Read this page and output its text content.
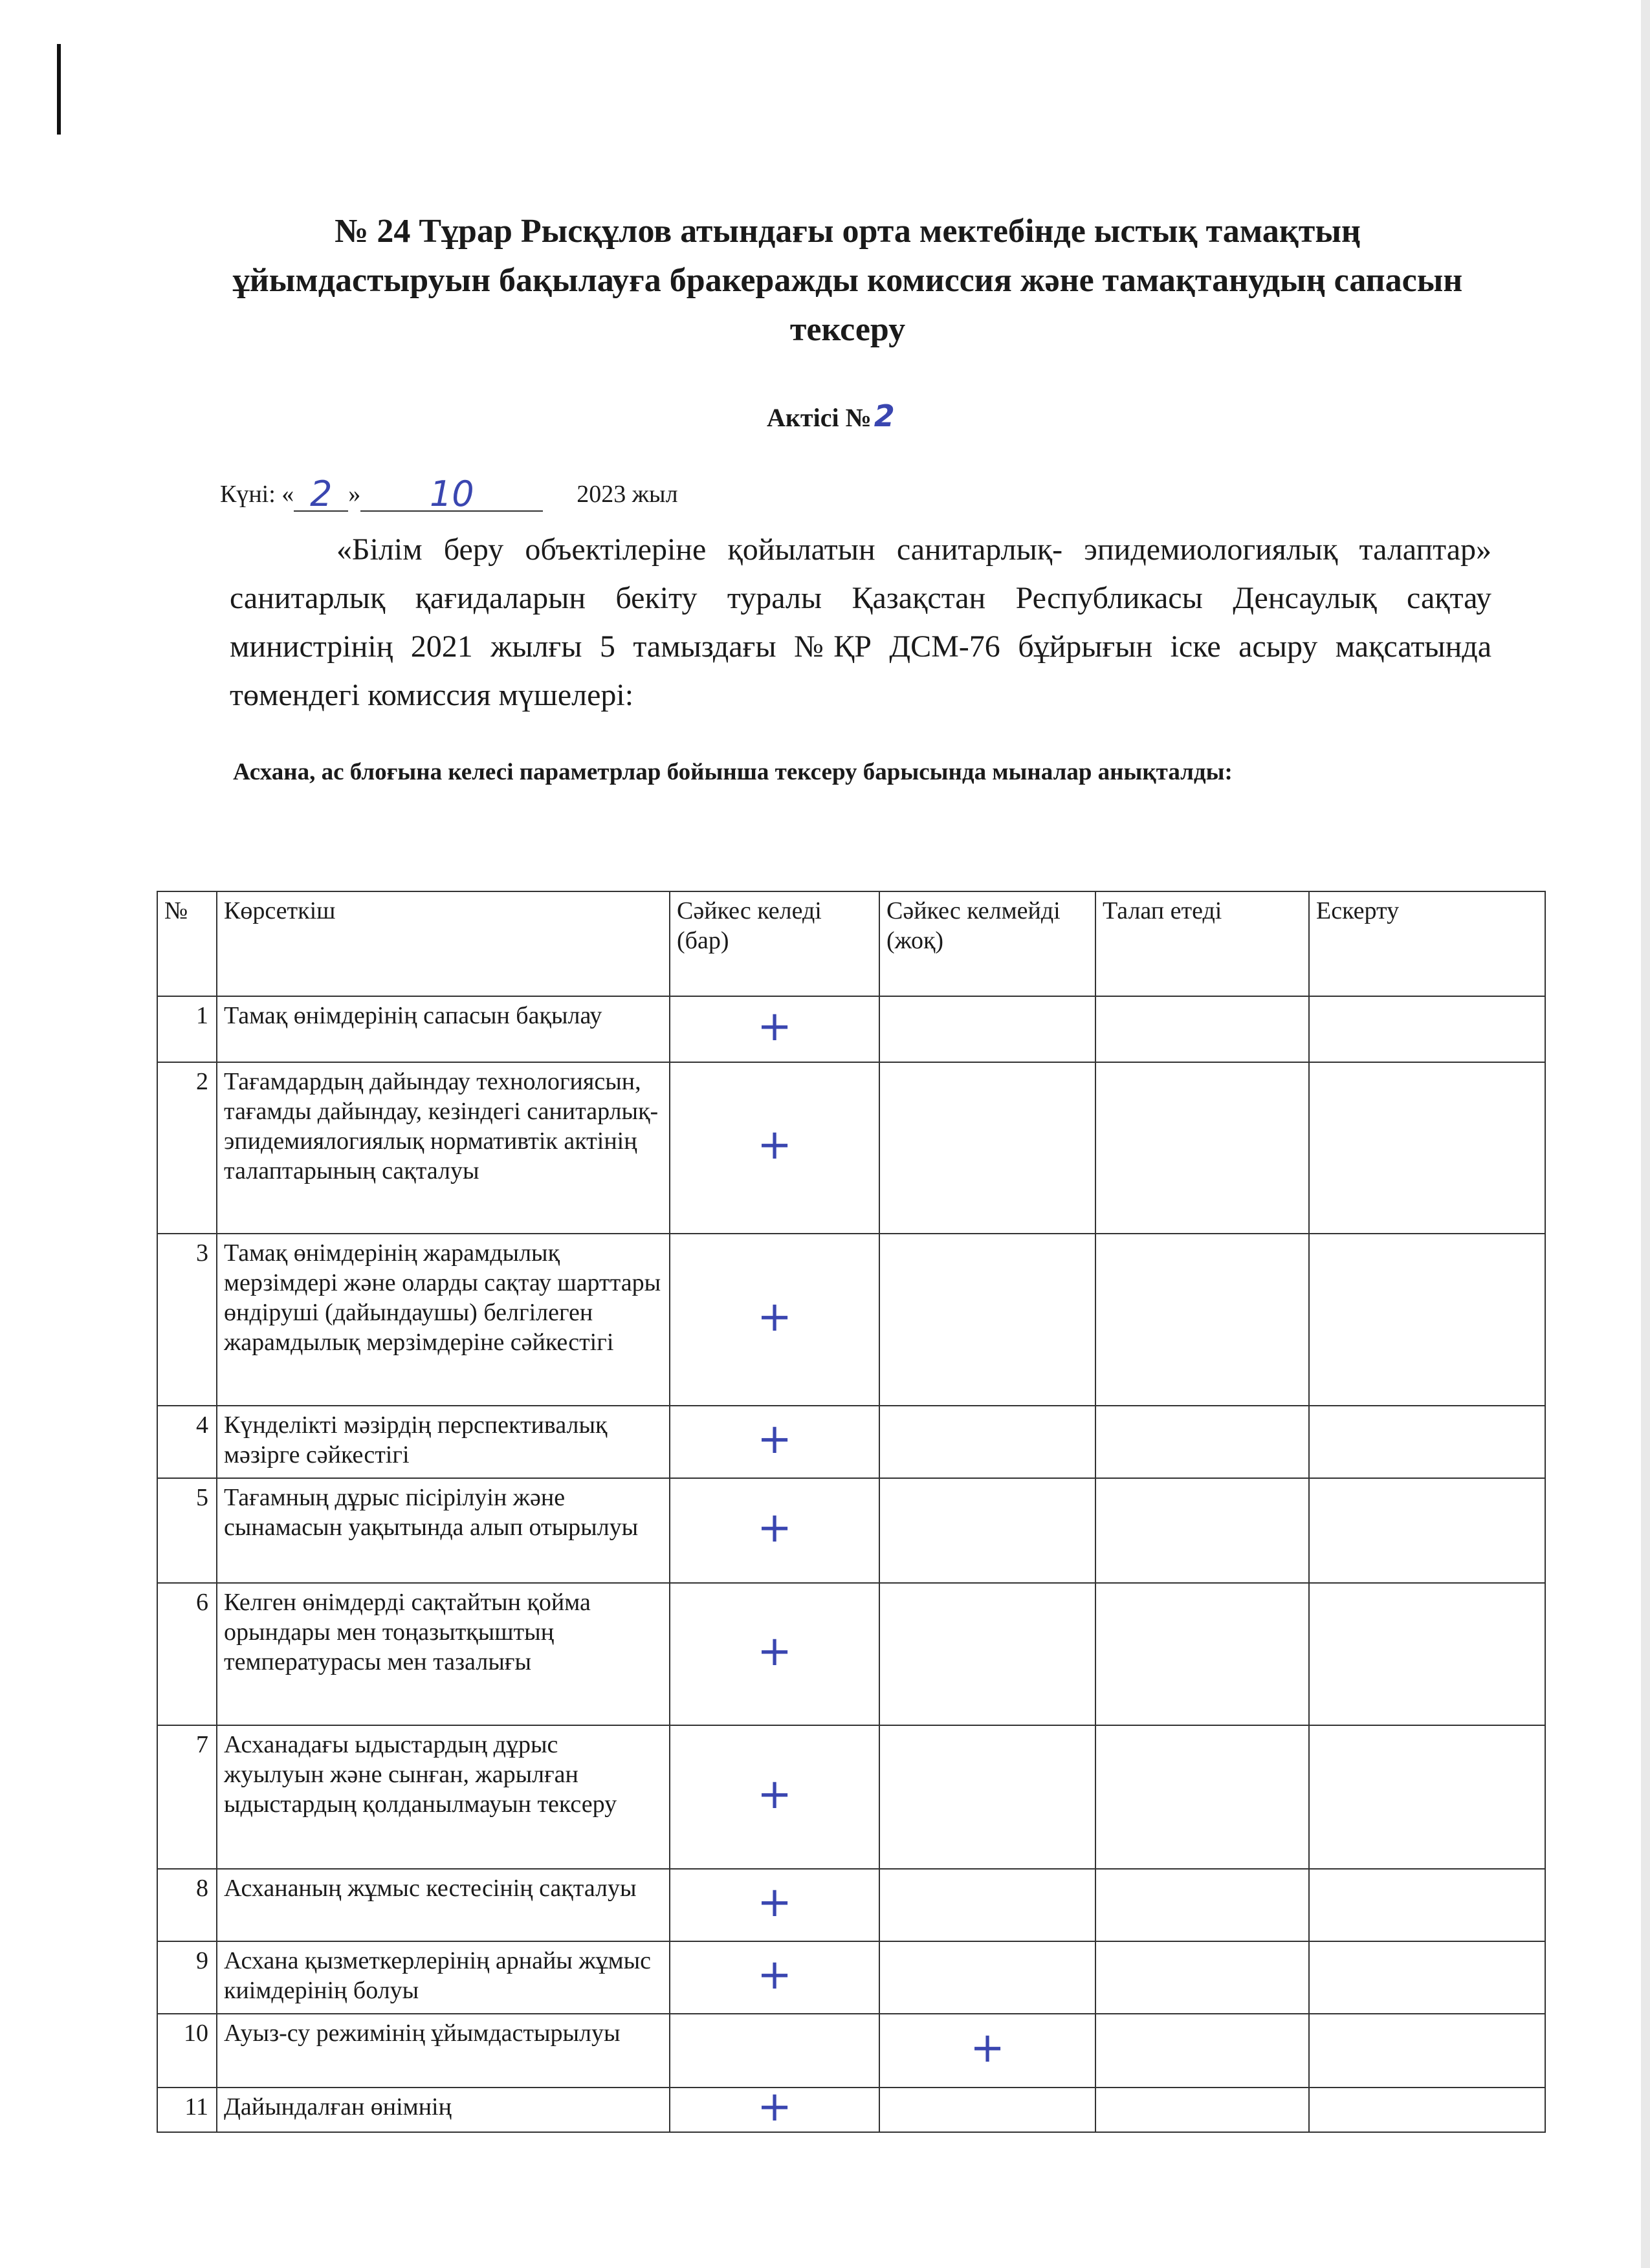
№ 24 Тұрар Рысқұлов атындағы орта мектебінде ыстық тамақтың ұйымдастыруын бақылауға бракеражды комиссия және тамақтанудың сапасын тексеру
Актісі №2
Күні: « 2 » 10	2023 жыл
«Білім беру объектілеріне қойылатын санитарлық- эпидемиологиялық талаптар» санитарлық қағидаларын бекіту туралы Қазақстан Республикасы Денсаулық сақтау министрінің 2021 жылғы 5 тамыздағы №ҚР ДСМ-76 бұйрығын іске асыру мақсатында төмендегі комиссия мүшелері:
Асхана, ас блоғына келесі параметрлар бойынша тексеру барысында мыналар анықталды:
№	Көрсеткіш	Сәйкес келеді (бар)	Сәйкес келмейді (жоқ)	Талап етеді	Ескерту
1	Тамақ өнімдерінің сапасын бақылау	+			
2	Тағамдардың дайындау технологиясын, тағамды дайындау, кезіндегі санитарлық-эпидемиялогиялық нормативтік актінің талаптарының сақталуы	+			
3	Тамақ өнімдерінің жарамдылық мерзімдері және оларды сақтау шарттары өндіруші (дайындаушы) белгілеген жарамдылық мерзімдеріне сәйкестігі	+			
4	Күнделікті мәзірдің перспективалық мәзірге сәйкестігі	+			
5	Тағамның дұрыс пісірілуін және сынамасын уақытында алып отырылуы	+			
6	Келген өнімдерді сақтайтын қойма орындары мен тоңазытқыштың температурасы мен тазалығы	+			
7	Асханадағы ыдыстардың дұрыс жуылуын және сынған, жарылған ыдыстардың қолданылмауын тексеру	+			
8	Асхананың жұмыс кестесінің сақталуы	+			
9	Асхана қызметкерлерінің арнайы жұмыс киімдерінің болуы	+			
10	Ауыз-су режимінің ұйымдастырылуы		+		
11	Дайындалған өнімнің	+			
